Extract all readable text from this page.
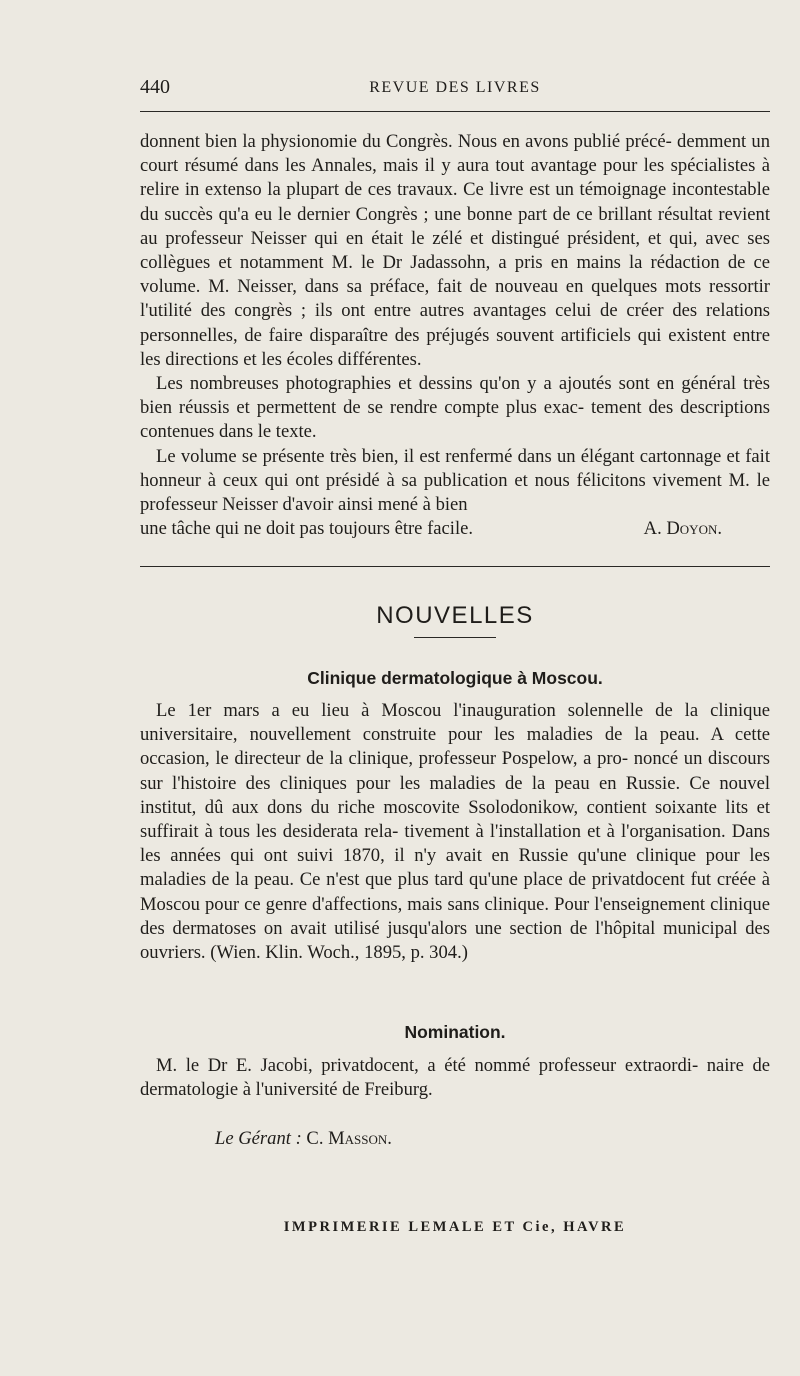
440	REVUE DES LIVRES

donnent bien la physionomie du Congrès. Nous en avons publié précé- demment un court résumé dans les Annales, mais il y aura tout avantage pour les spécialistes à relire in extenso la plupart de ces travaux. Ce livre est un témoignage incontestable du succès qu'a eu le dernier Congrès ; une bonne part de ce brillant résultat revient au professeur Neisser qui en était le zélé et distingué président, et qui, avec ses collègues et notamment M. le Dr Jadassohn, a pris en mains la rédaction de ce volume. M. Neisser, dans sa préface, fait de nouveau en quelques mots ressortir l'utilité des congrès ; ils ont entre autres avantages celui de créer des relations personnelles, de faire disparaître des préjugés souvent artificiels qui existent entre les directions et les écoles différentes.

Les nombreuses photographies et dessins qu'on y a ajoutés sont en général très bien réussis et permettent de se rendre compte plus exac- tement des descriptions contenues dans le texte.

Le volume se présente très bien, il est renfermé dans un élégant cartonnage et fait honneur à ceux qui ont présidé à sa publication et nous félicitons vivement M. le professeur Neisser d'avoir ainsi mené à bien

une tâche qui ne doit pas toujours être facile.	A. Doyon.
NOUVELLES
Clinique dermatologique à Moscou.

Le 1er mars a eu lieu à Moscou l'inauguration solennelle de la clinique universitaire, nouvellement construite pour les maladies de la peau. A cette occasion, le directeur de la clinique, professeur Pospelow, a pro- noncé un discours sur l'histoire des cliniques pour les maladies de la peau en Russie. Ce nouvel institut, dû aux dons du riche moscovite Ssolodonikow, contient soixante lits et suffirait à tous les desiderata rela- tivement à l'installation et à l'organisation. Dans les années qui ont suivi 1870, il n'y avait en Russie qu'une clinique pour les maladies de la peau. Ce n'est que plus tard qu'une place de privatdocent fut créée à Moscou pour ce genre d'affections, mais sans clinique. Pour l'enseignement clinique des dermatoses on avait utilisé jusqu'alors une section de l'hôpital municipal des ouvriers. (Wien. Klin. Woch., 1895, p. 304.)

Nomination.

M. le Dr E. Jacobi, privatdocent, a été nommé professeur extraordi- naire de dermatologie à l'université de Freiburg.

Le Gérant : C. Masson.
IMPRIMERIE LEMALE ET Cie, HAVRE
